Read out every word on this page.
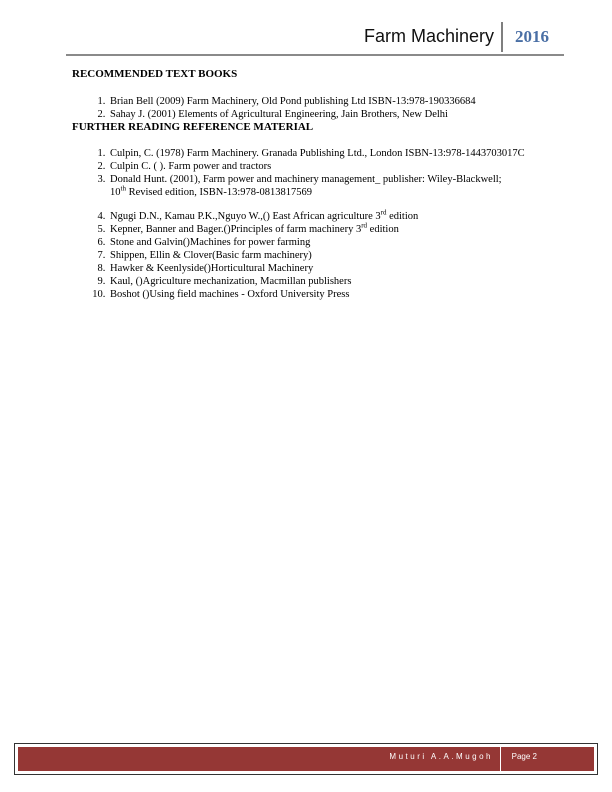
Farm Machinery 2016

RECOMMENDED TEXT BOOKS

1. Brian Bell (2009) Farm Machinery, Old Pond publishing Ltd ISBN-13:978-190336684
2. Sahay J. (2001) Elements of Agricultural Engineering, Jain Brothers, New Delhi

FURTHER READING REFERENCE MATERIAL

1. Culpin, C. (1978) Farm Machinery. Granada Publishing Ltd., London ISBN-13:978-1443703017C
2. Culpin C. ( ). Farm power and tractors
3. Donald Hunt. (2001), Farm power and machinery management_ publisher: Wiley-Blackwell;
10th Revised edition, ISBN-13:978-0813817569
4. Ngugi D.N., Kamau P.K.,Nguyo W.,() East African agriculture 3rd edition
5. Kepner, Banner and Bager.()Principles of farm machinery 3rd edition
6. Stone and Galvin()Machines for power farming
7. Shippen, Ellin & Clover(Basic farm machinery)
8. Hawker & Keenlyside()Horticultural Machinery
9. Kaul, ()Agriculture mechanization, Macmillan publishers
10. Boshot ()Using field machines - Oxford University Press
Muturi A.A.Mugoh Page 2
